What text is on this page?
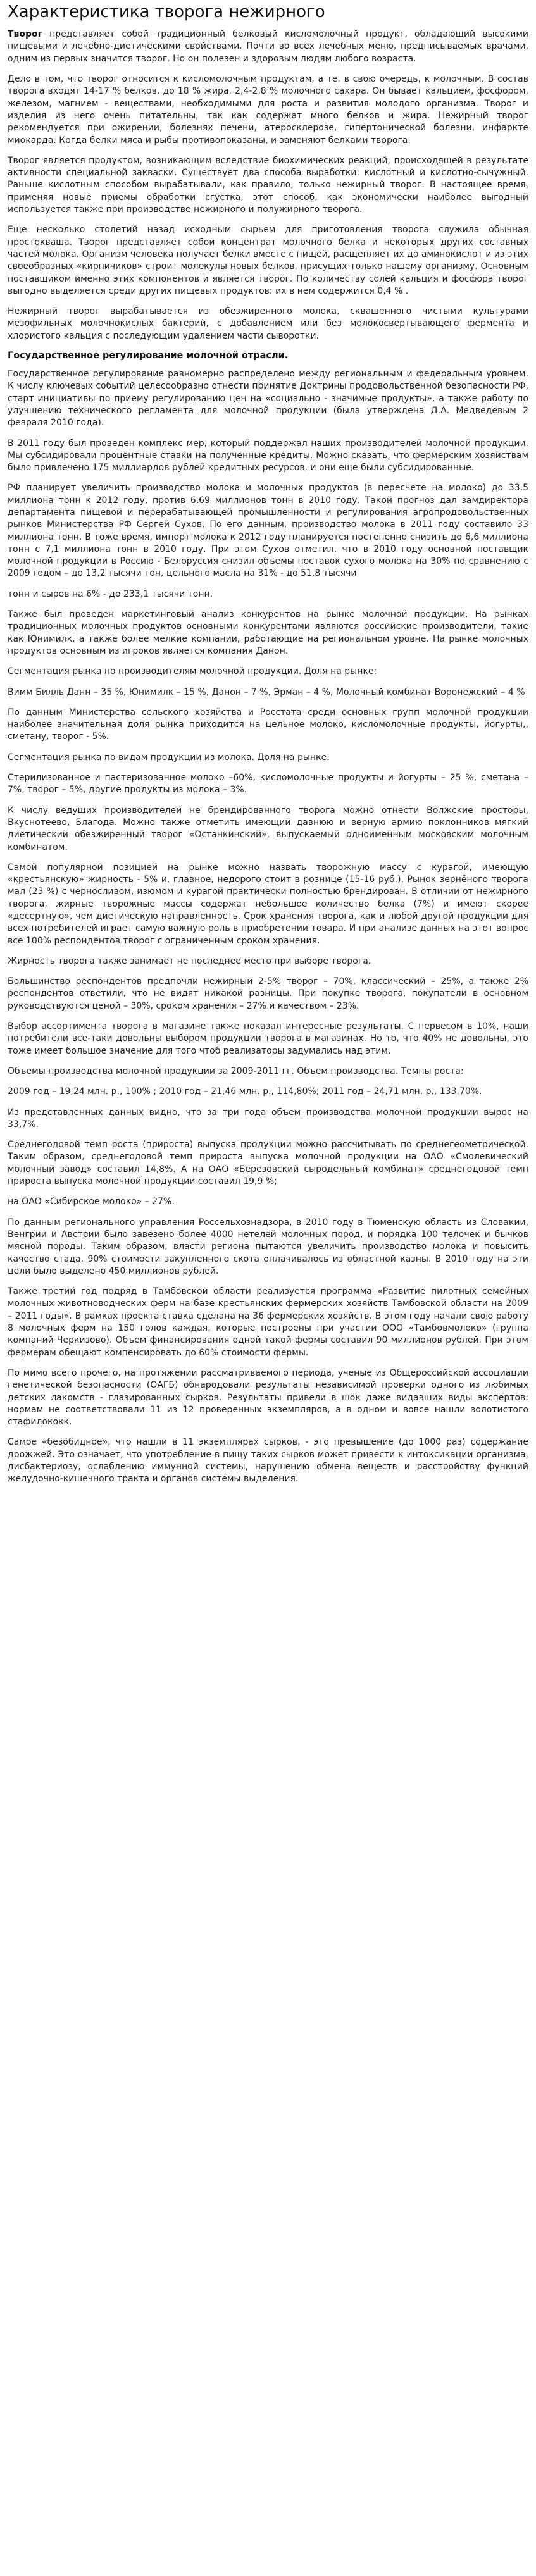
Характеристика творога нежирного

Творог представляет собой традиционный белковый кисломолочный продукт, обладающий высокими пищевыми и лечебно-диетическими свойствами. Почти во всех лечебных меню, предписываемых врачами, одним из первых значится творог. Но он полезен и здоровым людям любого возраста.

Дело в том, что творог относится к кисломолочным продуктам, а те, в свою очередь, к молочным. В состав творога входят 14-17 % белков, до 18 % жира, 2,4-2,8 % молочного сахара. Он бывает кальцием, фосфором, железом, магнием - веществами, необходимыми для роста и развития молодого организма. Творог и изделия из него очень питательны, так как содержат много белков и жира. Нежирный творог рекомендуется при ожирении, болезнях печени, атеросклерозе, гипертонической болезни, инфаркте миокарда. Когда белки мяса и рыбы противопоказаны, и заменяют белками творога.

Творог является продуктом, возникающим вследствие биохимических реакций, происходящей в результате активности специальной закваски. Существует два способа выработки: кислотный и кислотно-сычужный. Раньше кислотным способом вырабатывали, как правило, только нежирный творог. В настоящее время, применяя новые приемы обработки сгустка, этот способ, как экономически наиболее выгодный используется также при производстве нежирного и полужирного творога.

Еще несколько столетий назад исходным сырьем для приготовления творога служила обычная простокваша. Творог представляет собой концентрат молочного белка и некоторых других составных частей молока. Организм человека получает белки вместе с пищей, расщепляет их до аминокислот и из этих своеобразных «кирпичиков» строит молекулы новых белков, присущих только нашему организму. Основным поставщиком именно этих компонентов и является творог. По количеству солей кальция и фосфора творог выгодно выделяется среди других пищевых продуктов: их в нем содержится 0,4 % .

Нежирный творог вырабатывается из обезжиренного молока, сквашенного чистыми культурами мезофильных молочнокислых бактерий, с добавлением или без молокосвертывающего фермента и хлористого кальция с последующим удалением части сыворотки.

Государственное регулирование молочной отрасли.

Государственное регулирование равномерно распределено между региональным и федеральным уровнем. К числу ключевых событий целесообразно отнести принятие Доктрины продовольственной безопасности РФ, старт инициативы по приему регулированию цен на «социально - значимые продукты», а также работу по улучшению технического регламента для молочной продукции (была утверждена Д.А. Медведевым 2 февраля 2010 года).

В 2011 году был проведен комплекс мер, который поддержал наших производителей молочной продукции. Мы субсидировали процентные ставки на полученные кредиты. Можно сказать, что фермерским хозяйствам было привлечено 175 миллиардов рублей кредитных ресурсов, и они еще были субсидированные.

РФ планирует увеличить производство молока и молочных продуктов (в пересчете на молоко) до 33,5 миллиона тонн к 2012 году, против 6,69 миллионов тонн в 2010 году. Такой прогноз дал замдиректора департамента пищевой и перерабатывающей промышленности и регулирования агропродовольственных рынков Министерства РФ Сергей Сухов. По его данным, производство молока в 2011 году составило 33 миллиона тонн. В тоже время, импорт молока к 2012 году планируется постепенно снизить до 6,6 миллиона тонн с 7,1 миллиона тонн в 2010 году. При этом Сухов отметил, что в 2010 году основной поставщик молочной продукции в Россию - Белоруссия снизил объемы поставок сухого молока на 30% по сравнению с 2009 годом – до 13,2 тысячи тон, цельного масла на 31% - до 51,8 тысячи

тонн и сыров на 6% - до 233,1 тысячи тонн.

Также был проведен маркетинговый анализ конкурентов на рынке молочной продукции. На рынках традиционных молочных продуктов основными конкурентами являются российские производители, такие как Юнимилк, а также более мелкие компании, работающие на региональном уровне. На рынке молочных продуктов основным из игроков является компания Данон.

Сегментация рынка по производителям молочной продукции. Доля на рынке:

Вимм Билль Данн – 35 %, Юнимилк – 15 %, Данон – 7 %, Эрман – 4 %, Молочный комбинат Воронежский – 4 %

По данным Министерства сельского хозяйства и Росстата среди основных групп молочной продукции наиболее значительная доля рынка приходится на цельное молоко, кисломолочные продукты, йогурты,, сметану, творог - 5%.

Сегментация рынка по видам продукции из молока. Доля на рынке:

Стерилизованное и пастеризованное молоко –60%, кисломолочные продукты и йогурты – 25 %, сметана – 7%, творог – 5%, другие продукты из молока – 3%.

К числу ведущих производителей не брендированного творога можно отнести Волжские просторы, Вкуснотеево, Благода. Можно также отметить имеющий давнюю и верную армию поклонников мягкий диетический обезжиренный творог «Останкинский», выпускаемый одноименным московским молочным комбинатом.

Самой популярной позицией на рынке можно назвать творожную массу с курагой, имеющую «крестьянскую» жирность - 5% и, главное, недорого стоит в рознице (15-16 руб.). Рынок зернёного творога мал (23 %) с черносливом, изюмом и курагой практически полностью брендирован. В отличии от нежирного творога, жирные творожные массы содержат небольшое количество белка (7%) и имеют скорее «десертную», чем диетическую направленность. Срок хранения творога, как и любой другой продукции для всех потребителей играет самую важную роль в приобретении товара. И при анализе данных на этот вопрос все 100% респондентов творог с ограниченным сроком хранения.

Жирность творога также занимает не последнее место при выборе творога.

Большинство респондентов предпочли нежирный 2-5% творог – 70%, классический – 25%, а также 2% респондентов ответили, что не видят никакой разницы. При покупке творога, покупатели в основном руководствуются ценой – 30%, сроком хранения – 27% и качеством – 23%.

Выбор ассортимента творога в магазине также показал интересные результаты. С первесом в 10%, наши потребители все-таки довольны выбором продукции творога в магазинах. Но то, что 40% не довольны, это тоже имеет большое значение для того чтоб реализаторы задумались над этим.

Объемы производства молочной продукции за 2009-2011 гг. Объем производства. Темпы роста:

2009 год – 19,24 млн. р., 100% ; 2010 год – 21,46 млн. р., 114,80%; 2011 год – 24,71 млн. р., 133,70%.

Из представленных данных видно, что за три года объем производства молочной продукции вырос на 33,7%.

Среднегодовой темп роста (прироста) выпуска продукции можно рассчитывать по среднегеометрической. Таким образом, среднегодовой темп прироста выпуска молочной продукции на ОАО «Смолевический молочный завод» составил 14,8%. А на ОАО «Березовский сыродельный комбинат» среднегодовой темп прироста выпуска молочной продукции составил 19,9 %;

на ОАО «Сибирское молоко» – 27%.

По данным регионального управления Россельхознадзора, в 2010 году в Тюменскую область из Словакии, Венгрии и Австрии было завезено более 4000 нетелей молочных пород, и порядка 100 телочек и бычков мясной породы. Таким образом, власти региона пытаются увеличить производство молока и повысить качество стада. 90% стоимости закупленного скота оплачивалось из областной казны. В 2010 году на эти цели было выделено 450 миллионов рублей.

Также третий год подряд в Тамбовской области реализуется программа «Развитие пилотных семейных молочных животноводческих ферм на базе крестьянских фермерских хозяйств Тамбовской области на 2009 – 2011 годы». В рамках проекта ставка сделана на 36 фермерских хозяйств. В этом году начали свою работу 8 молочных ферм на 150 голов каждая, которые построены при участии ООО «Тамбовмолоко» (группа компаний Черкизово). Объем финансирования одной такой фермы составил 90 миллионов рублей. При этом фермерам обещают компенсировать до 60% стоимости фермы.

По мимо всего прочего, на протяжении рассматриваемого периода, ученые из Общероссийской ассоциации генетической безопасности (ОАГБ) обнародовали результаты независимой проверки одного из любимых детских лакомств - глазированных сырков. Результаты привели в шок даже видавших виды экспертов: нормам не соответствовали 11 из 12 проверенных экземпляров, а в одном и вовсе нашли золотистого стафилококк.

Самое «безобидное», что нашли в 11 экземплярах сырков, - это превышение (до 1000 раз) содержание дрожжей. Это означает, что употребление в пищу таких сырков может привести к интоксикации организма, дисбактериозу, ослаблению иммунной системы, нарушению обмена веществ и расстройству функций желудочно-кишечного тракта и органов системы выделения.
